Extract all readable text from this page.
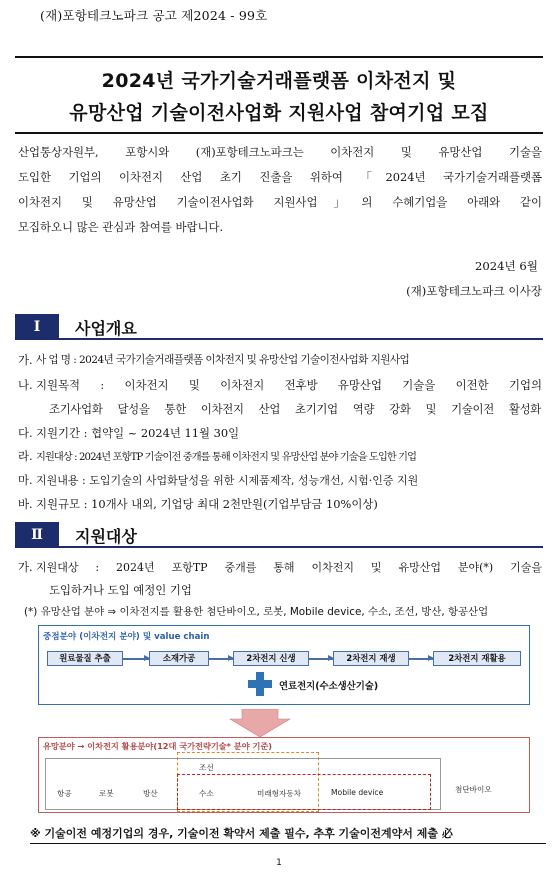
(재)포항테크노파크 공고 제2024 - 99호
2024년 국가기술거래플랫폼 이차전지 및
유망산업 기술이전사업화 지원사업 참여기업 모집
산업통상자원부, 포항시와 (재)포항테크노파크는 이차전지 및 유망산업 기술을
도입한 기업의 이차전지 산업 초기 진출을 위하여 「2024년 국가기술거래플랫폼
이차전지 및 유망산업 기술이전사업화 지원사업」의 수혜기업을 아래와 같이
모집하오니 많은 관심과 참여를 바랍니다.
2024년 6월
(재)포항테크노파크 이사장
Ⅰ	사업개요
가. 사 업 명 : 2024년 국가기술거래플랫폼 이차전지 및 유망산업 기술이전사업화 지원사업
나. 지원목적 : 이차전지 및 이차전지 전후방 유망산업 기술을 이전한 기업의
조기사업화 달성을 통한 이차전지 산업 초기기업 역량 강화 및 기술이전 활성화
다. 지원기간 : 협약일 ~ 2024년 11월 30일
라. 지원대상 : 2024년 포항TP 기술이전 중개를 통해 이차전지 및 유망산업 분야 기술을 도입한 기업
마. 지원내용 : 도입기술의 사업화달성을 위한 시제품제작, 성능개선, 시험·인증 지원
바. 지원규모 : 10개사 내외, 기업당 최대 2천만원(기업부담금 10%이상)
Ⅱ	지원대상
가. 지원대상 : 2024년 포항TP 중개를 통해 이차전지 및 유망산업 분야(*) 기술을
도입하거나 도입 예정인 기업
(*) 유망산업 분야 ⇒ 이차전지를 활용한 첨단바이오, 로봇, Mobile device, 수소, 조선, 방산, 항공산업
중점분야 (이차전지 분야) 및 value chain
원료물질 추출	소재가공	2차전지 신생	2차전지 재생	2차전지 재활용
연료전지(수소생산기술)
유망분야 → 이차전지 활용분야(12대 국가전략기술* 분야 기준)
항공	로봇	방산
조선
수소	미래형자동차	Mobile device	첨단바이오
※ 기술이전 예정기업의 경우, 기술이전 확약서 제출 필수, 추후 기술이전계약서 제출 必
1
